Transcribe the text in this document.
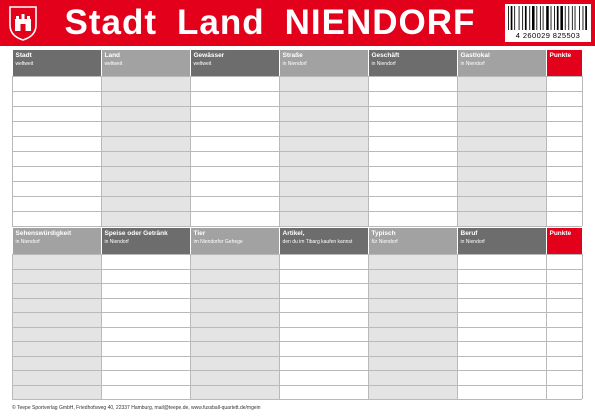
Stadt Land NIENDORF	4 260029 825503
Stadt
weltweit
Land
weltweit
Gewässer
weltweit
Straße
in Niendorf
Geschäft
in Niendorf
Gastlokal
in Niendorf
Punkte
Sehenswürdigkeit
in Niendorf
Speise oder Getränk
in Niendorf
Tier
im Niendorfer Gehege
Artikel,
den du im Tibarg kaufen kannst
Typisch
für Niendorf
Beruf
in Niendorf
Punkte
© Teepe Sportverlag GmbH, Friedhofsweg 40, 22337 Hamburg, mail@teepe.de, www.fussball-quartett.de/mgein
